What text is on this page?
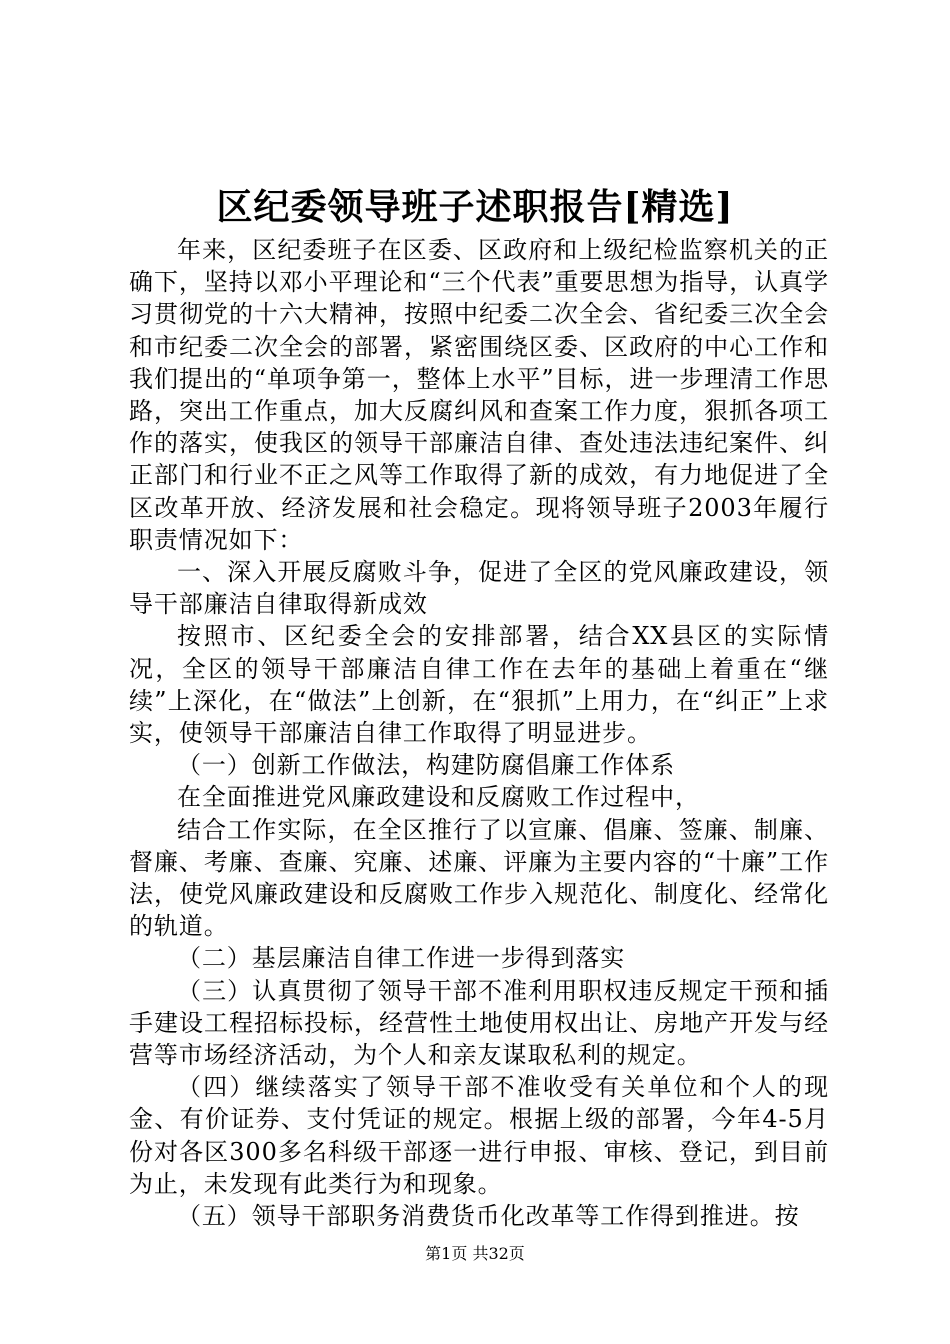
区纪委领导班子述职报告[精选]

年来，区纪委班子在区委、区政府和上级纪检监察机关的正确下，坚持以邓小平理论和“三个代表”重要思想为指导，认真学习贯彻党的十六大精神，按照中纪委二次全会、省纪委三次全会和市纪委二次全会的部署，紧密围绕区委、区政府的中心工作和我们提出的“单项争第一，整体上水平”目标，进一步理清工作思路，突出工作重点，加大反腐纠风和查案工作力度，狠抓各项工作的落实，使我区的领导干部廉洁自律、查处违法违纪案件、纠正部门和行业不正之风等工作取得了新的成效，有力地促进了全区改革开放、经济发展和社会稳定。现将领导班子2003年履行职责情况如下：

一、深入开展反腐败斗争，促进了全区的党风廉政建设，领导干部廉洁自律取得新成效

按照市、区纪委全会的安排部署，结合XX县区的实际情况，全区的领导干部廉洁自律工作在去年的基础上着重在“继续”上深化，在“做法”上创新，在“狠抓”上用力，在“纠正”上求实，使领导干部廉洁自律工作取得了明显进步。

（一）创新工作做法，构建防腐倡廉工作体系

在全面推进党风廉政建设和反腐败工作过程中，

结合工作实际，在全区推行了以宣廉、倡廉、签廉、制廉、督廉、考廉、查廉、究廉、述廉、评廉为主要内容的“十廉”工作法，使党风廉政建设和反腐败工作步入规范化、制度化、经常化的轨道。

（二）基层廉洁自律工作进一步得到落实

（三）认真贯彻了领导干部不准利用职权违反规定干预和插手建设工程招标投标，经营性土地使用权出让、房地产开发与经营等市场经济活动，为个人和亲友谋取私利的规定。

（四）继续落实了领导干部不准收受有关单位和个人的现金、有价证券、支付凭证的规定。根据上级的部署，今年4-5月份对各区300多名科级干部逐一进行申报、审核、登记，到目前为止，未发现有此类行为和现象。

（五）领导干部职务消费货币化改革等工作得到推进。按

第1页 共32页
